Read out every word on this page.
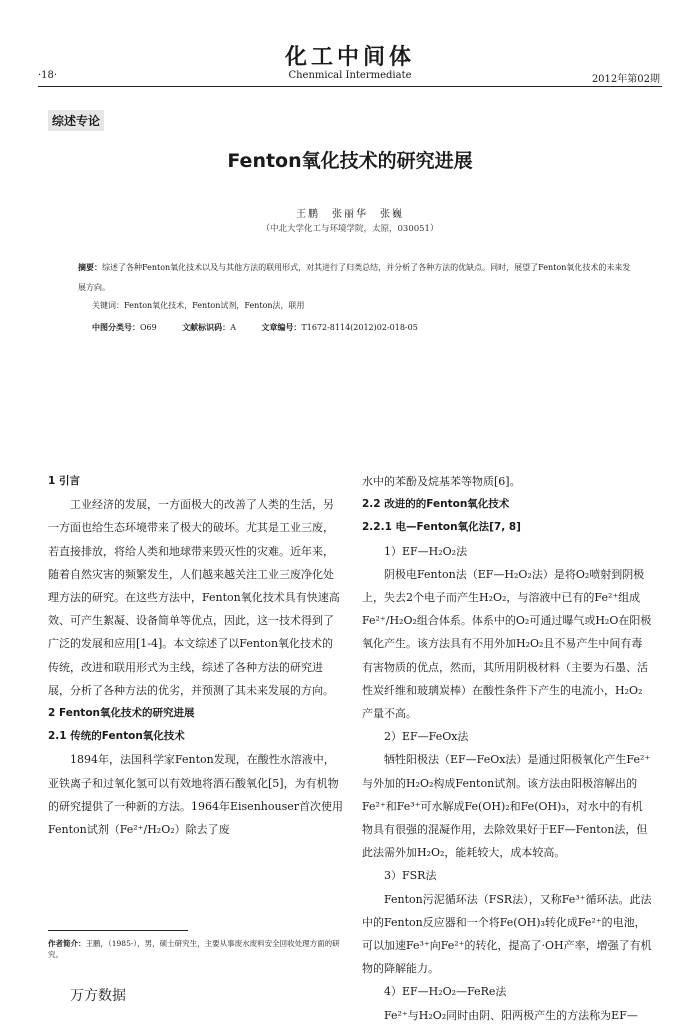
化工中间体
·18·	Chenmical Intermediate	2012年第02期
综述专论
Fenton氧化技术的研究进展
王鹏　张丽华　张巍
（中北大学化工与环境学院，太原，030051）
摘要：综述了各种Fenton氧化技术以及与其他方法的联用形式，对其进行了归类总结，并分析了各种方法的优缺点。同时，展望了Fenton氧化技术的未来发展方向。
关键词：Fenton氧化技术，Fenton试剂，Fenton法，联用
中图分类号：O69	文献标识码：A	文章编号：T1672-8114(2012)02-018-05

1 引言

工业经济的发展，一方面极大的改善了人类的生活，另一方面也给生态环境带来了极大的破坏。尤其是工业三废，若直接排放，将给人类和地球带来毁灭性的灾难。近年来，随着自然灾害的频繁发生，人们越来越关注工业三废净化处理方法的研究。在这些方法中，Fenton氧化技术具有快速高效、可产生絮凝、设备简单等优点，因此，这一技术得到了广泛的发展和应用[1-4]。本文综述了以Fenton氧化技术的传统，改进和联用形式为主线，综述了各种方法的研究进展，分析了各种方法的优劣，并预测了其未来发展的方向。

2 Fenton氧化技术的研究进展

2.1 传统的Fenton氧化技术

1894年，法国科学家Fenton发现，在酸性水溶液中，亚铁离子和过氧化氢可以有效地将酒石酸氧化[5]，为有机物的研究提供了一种新的方法。1964年Eisenhouser首次使用Fenton试剂（Fe²⁺/H₂O₂）除去了废

水中的苯酚及烷基苯等物质[6]。

2.2 改进的的Fenton氧化技术

2.2.1 电—Fenton氧化法[7, 8]

1）EF—H₂O₂法

阴极电Fenton法（EF—H₂O₂法）是将O₂喷射到阴极上，失去2个电子而产生H₂O₂，与溶液中已有的Fe²⁺组成Fe²⁺/H₂O₂组合体系。体系中的O₂可通过曝气或H₂O在阳极氧化产生。该方法具有不用外加H₂O₂且不易产生中间有毒有害物质的优点，然而，其所用阴极材料（主要为石墨、活性炭纤维和玻璃炭棒）在酸性条件下产生的电流小，H₂O₂产量不高。

2）EF—FeOx法

牺牲阳极法（EF—FeOx法）是通过阳极氧化产生Fe²⁺与外加的H₂O₂构成Fenton试剂。该方法由阳极溶解出的Fe²⁺和Fe³⁺可水解成Fe(OH)₂和Fe(OH)₃，对水中的有机物具有很强的混凝作用，去除效果好于EF—Fenton法，但此法需外加H₂O₂，能耗较大，成本较高。

3）FSR法

Fenton污泥循环法（FSR法），又称Fe³⁺循环法。此法中的Fenton反应器和一个将Fe(OH)₃转化成Fe²⁺的电池，可以加速Fe³⁺向Fe²⁺的转化，提高了·OH产率，增强了有机物的降解能力。

4）EF—H₂O₂—FeRe法

Fe²⁺与H₂O₂同时由阴、阳两极产生的方法称为EF—

作者简介：王鹏，（1985-），男，硕士研究生，主要从事废水废料安全回收处理方面的研究。
万方数据
